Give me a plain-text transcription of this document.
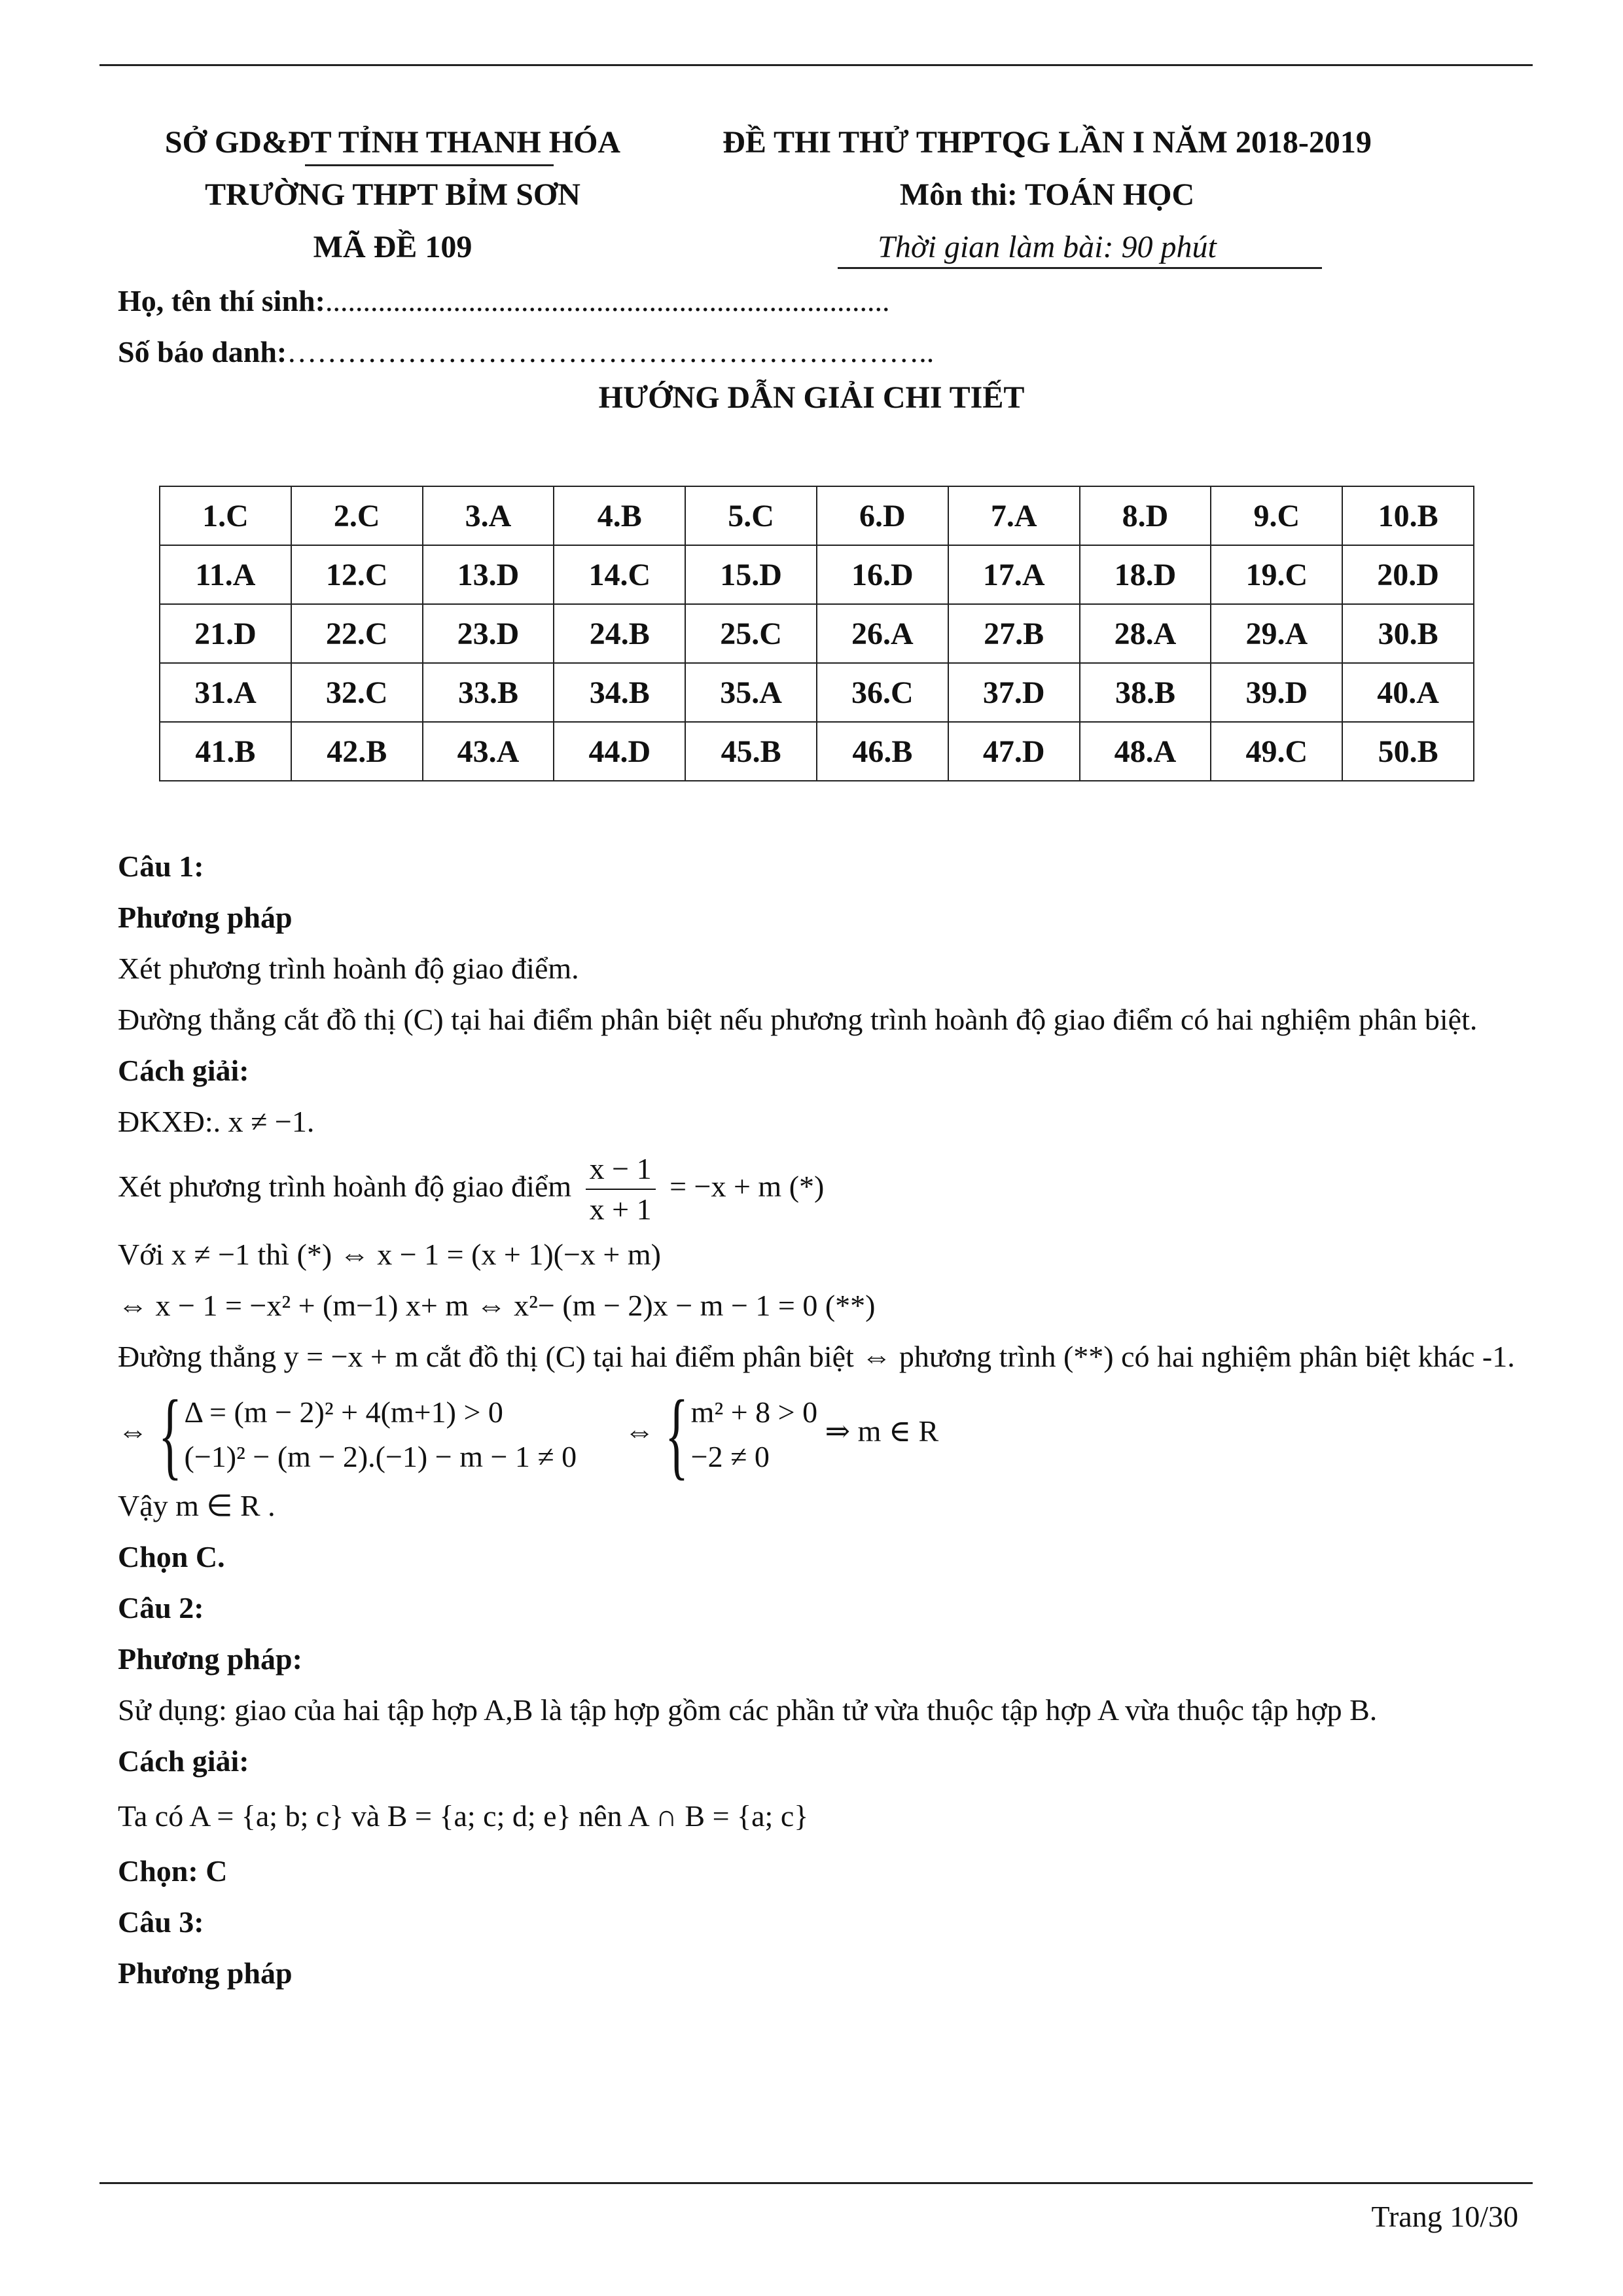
SỞ GD&ĐT TỈNH THANH HÓA
TRƯỜNG THPT BỈM SƠN
MÃ ĐỀ 109
ĐỀ THI THỬ THPTQG LẦN I NĂM 2018-2019
Môn thi: TOÁN HỌC
Thời gian làm bài: 90 phút
Họ, tên thí sinh:...........................................................................
Số báo danh:………………………………………………………..
HƯỚNG DẪN GIẢI CHI TIẾT
1.C	2.C	3.A	4.B	5.C	6.D	7.A	8.D	9.C	10.B
11.A	12.C	13.D	14.C	15.D	16.D	17.A	18.D	19.C	20.D
21.D	22.C	23.D	24.B	25.C	26.A	27.B	28.A	29.A	30.B
31.A	32.C	33.B	34.B	35.A	36.C	37.D	38.B	39.D	40.A
41.B	42.B	43.A	44.D	45.B	46.B	47.D	48.A	49.C	50.B

Câu 1:

Phương pháp

Xét phương trình hoành độ giao điểm.

Đường thẳng cắt đồ thị (C) tại hai điểm phân biệt nếu phương trình hoành độ giao điểm có hai nghiệm phân biệt.

Cách giải:

ĐKXĐ:. x ≠ −1.

Xét phương trình hoành độ giao điểm $\frac{x - 1}{x + 1} = -x + m$ (*)

Với x ≠ −1 thì (*) ⇔ x − 1 = (x + 1)(−x + m)

⇔ x − 1 = −x² + (m−1) x+ m ⇔ x²− (m − 2)x − m − 1 = 0 (**)

Đường thẳng y = −x + m cắt đồ thị (C) tại hai điểm phân biệt ⇔ phương trình (**) có hai nghiệm phân biệt khác -1.

⇔ { Δ = (m − 2)² + 4(m+1) > 0
(−1)² − (m − 2).(−1) − m − 1 ≠ 0
⇔ { m² + 8 > 0
−2 ≠ 0
⇒ m ∈ R

Vậy m ∈ R .

Chọn C.

Câu 2:

Phương pháp:

Sử dụng: giao của hai tập hợp A,B là tập hợp gồm các phần tử vừa thuộc tập hợp A vừa thuộc tập hợp B.

Cách giải:

Ta có A = {a; b; c} và B = {a; c; d; e} nên A ∩ B = {a; c}

Chọn: C

Câu 3:

Phương pháp

Trang 10/30
